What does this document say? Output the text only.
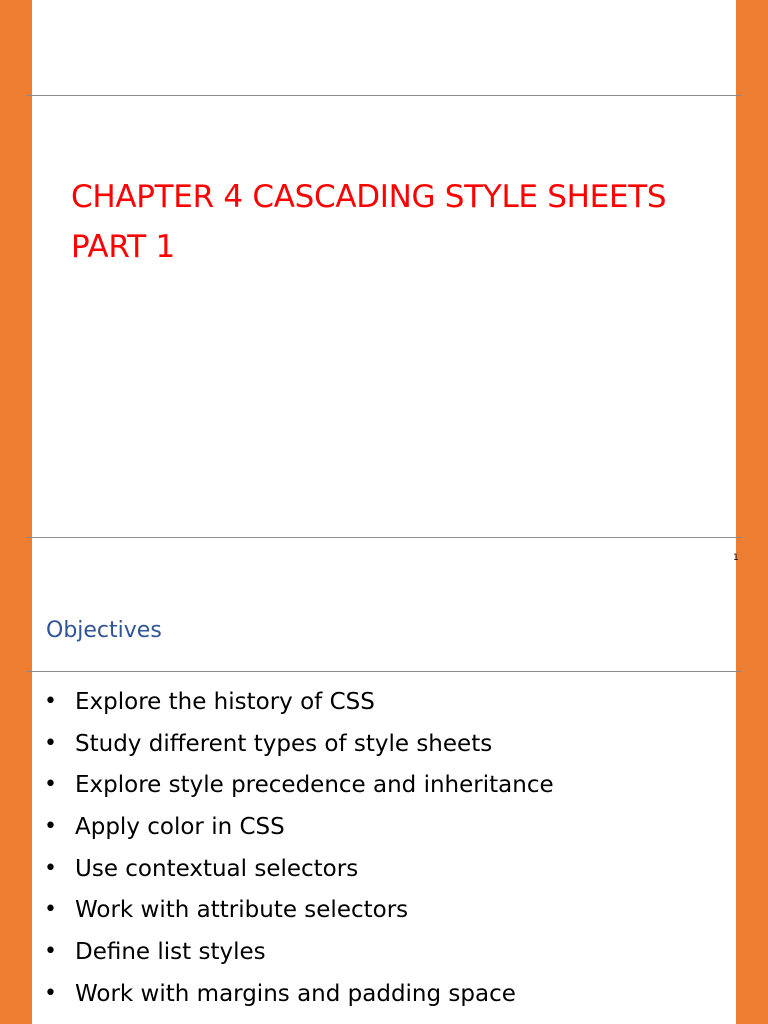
CHAPTER 4 CASCADING STYLE SHEETS PART 1
1
Objectives
• Explore the history of CSS
• Study different types of style sheets
• Explore style precedence and inheritance
• Apply color in CSS
• Use contextual selectors
• Work with attribute selectors
• Define list styles
• Work with margins and padding space
